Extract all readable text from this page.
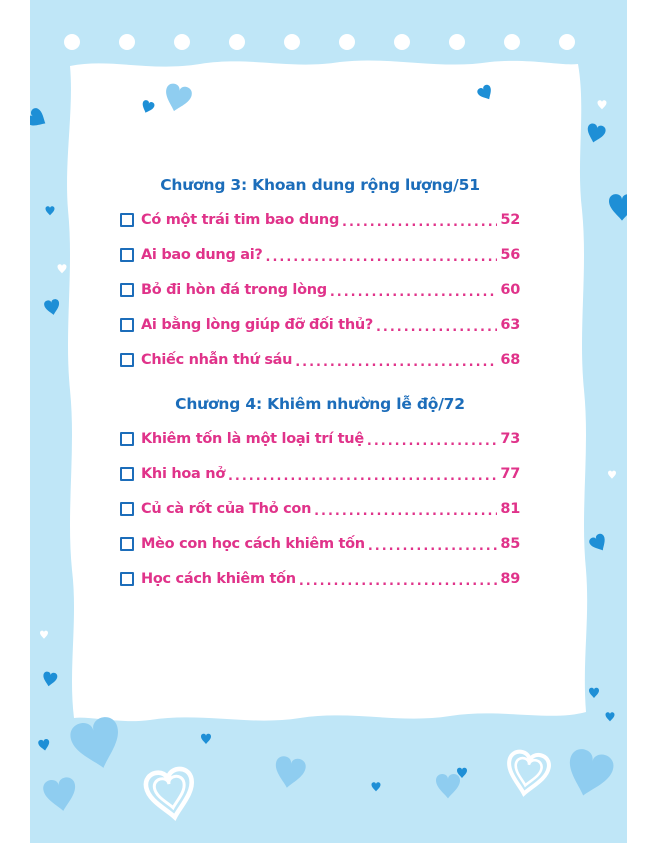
Chương 3: Khoan dung rộng lượng/51
Có một trái tim bao dung .....	52
Ai bao dung ai? .....	56
Bỏ đi hòn đá trong lòng .....	60
Ai bằng lòng giúp đỡ đối thủ? .....	63
Chiếc nhẫn thứ sáu .....	68
Chương 4: Khiêm nhường lễ độ/72
Khiêm tốn là một loại trí tuệ .....	73
Khi hoa nở .....	77
Củ cà rốt của Thỏ con .....	81
Mèo con học cách khiêm tốn .....	85
Học cách khiêm tốn .....	89
